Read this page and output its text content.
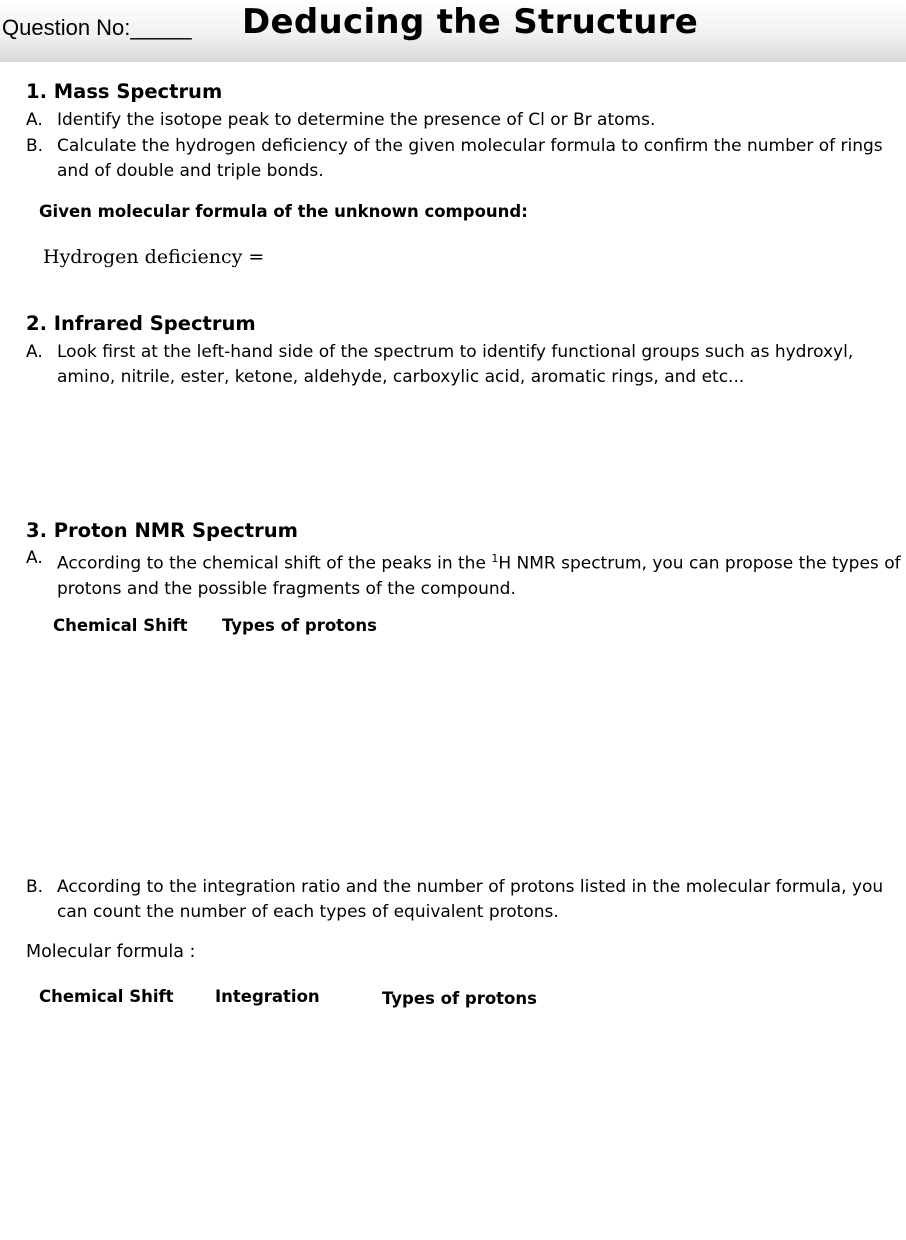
Question No:_____ Deducing the Structure
1. Mass Spectrum
A. Identify the isotope peak to determine the presence of Cl or Br atoms.
B. Calculate the hydrogen deficiency of the given molecular formula to confirm the number of rings and of double and triple bonds.
Given molecular formula of the unknown compound:
Hydrogen deficiency =
2. Infrared Spectrum
A. Look first at the left-hand side of the spectrum to identify functional groups such as hydroxyl, amino, nitrile, ester, ketone, aldehyde, carboxylic acid, aromatic rings, and etc...
3. Proton NMR Spectrum
A. According to the chemical shift of the peaks in the $^1$H NMR spectrum, you can propose the types of protons and the possible fragments of the compound.
Chemical Shift Types of protons
B. According to the integration ratio and the number of protons listed in the molecular formula, you can count the number of each types of equivalent protons.
Molecular formula :
Chemical Shift	Integration	Types of protons
